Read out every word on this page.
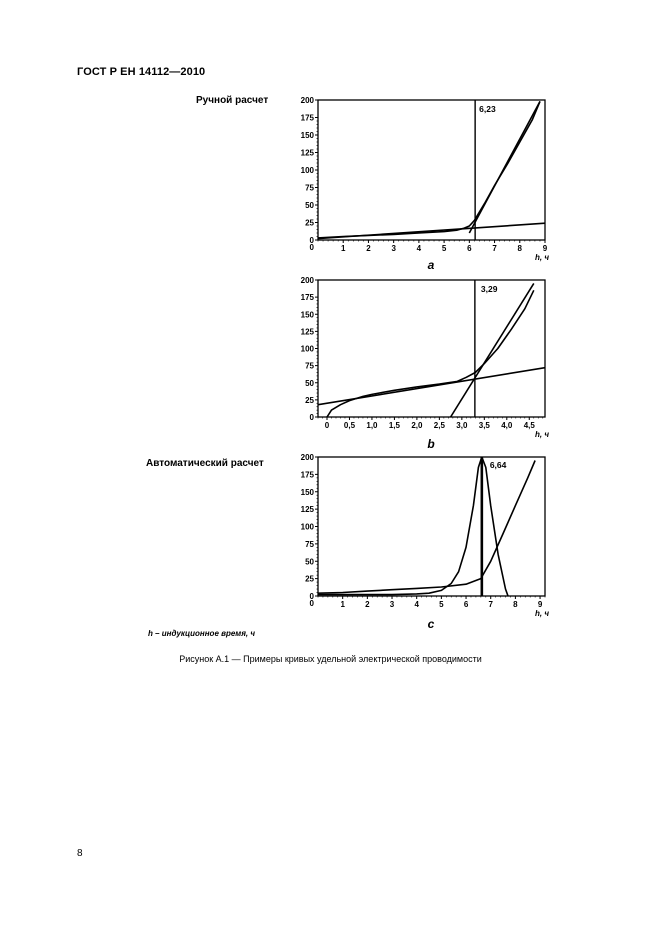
ГОСТ Р ЕН 14112—2010
Ручной расчет
Автоматический расчет
h – индукционное время, ч
Рисунок А.1 — Примеры кривых удельной электрической проводимости
8
0
25
50
75
100
125
150
175
200
1	2	3	4	5	6	7	8	9
0
6,23
h, ч
a
0
25
50
75
100
125
150
175
200
0 0,5 1,0 1,5 2,0 2,5 3,0 3,5 4,0 4,5
3,29
h, ч
b
0
25
50
75
100
125
150
175
200
1	2	3	4	5	6	7	8	9
0
6,64
h, ч
c
